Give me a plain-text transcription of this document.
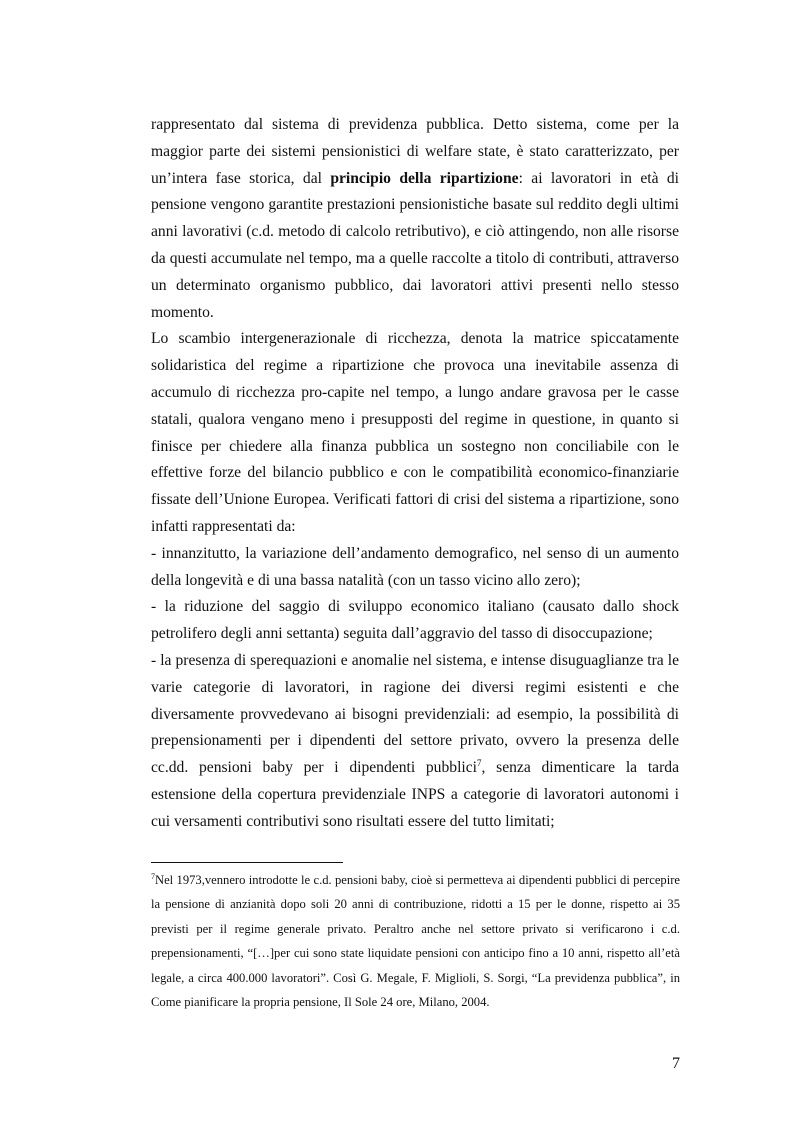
rappresentato dal sistema di previdenza pubblica. Detto sistema, come per la maggior parte dei sistemi pensionistici di welfare state, è stato caratterizzato, per un’intera fase storica, dal principio della ripartizione: ai lavoratori in età di pensione vengono garantite prestazioni pensionistiche basate sul reddito degli ultimi anni lavorativi (c.d. metodo di calcolo retributivo), e ciò attingendo, non alle risorse da questi accumulate nel tempo, ma a quelle raccolte a titolo di contributi, attraverso un determinato organismo pubblico, dai lavoratori attivi presenti nello stesso momento.

Lo scambio intergenerazionale di ricchezza, denota la matrice spiccatamente solidaristica del regime a ripartizione che provoca una inevitabile assenza di accumulo di ricchezza pro-capite nel tempo, a lungo andare gravosa per le casse statali, qualora vengano meno i presupposti del regime in questione, in quanto si finisce per chiedere alla finanza pubblica un sostegno non conciliabile con le effettive forze del bilancio pubblico e con le compatibilità economico-finanziarie fissate dell’Unione Europea. Verificati fattori di crisi del sistema a ripartizione, sono infatti rappresentati da:

- innanzitutto, la variazione dell’andamento demografico, nel senso di un aumento della longevità e di una bassa natalità (con un tasso vicino allo zero);

- la riduzione del saggio di sviluppo economico italiano (causato dallo shock petrolifero degli anni settanta) seguita dall’aggravio del tasso di disoccupazione;

- la presenza di sperequazioni e anomalie nel sistema, e intense disuguaglianze tra le varie categorie di lavoratori, in ragione dei diversi regimi esistenti e che diversamente provvedevano ai bisogni previdenziali: ad esempio, la possibilità di prepensionamenti per i dipendenti del settore privato, ovvero la presenza delle cc.dd. pensioni baby per i dipendenti pubblici$^7$, senza dimenticare la tarda estensione della copertura previdenziale INPS a categorie di lavoratori autonomi i cui versamenti contributivi sono risultati essere del tutto limitati;

$^7$Nel 1973,vennero introdotte le c.d. pensioni baby, cioè si permetteva ai dipendenti pubblici di percepire la pensione di anzianità dopo soli 20 anni di contribuzione, ridotti a 15 per le donne, rispetto ai 35 previsti per il regime generale privato. Peraltro anche nel settore privato si verificarono i c.d. prepensionamenti, “[…]per cui sono state liquidate pensioni con anticipo fino a 10 anni, rispetto all’età legale, a circa 400.000 lavoratori”. Così G. Megale, F. Miglioli, S. Sorgi, “La previdenza pubblica”, in Come pianificare la propria pensione, Il Sole 24 ore, Milano, 2004.
7
